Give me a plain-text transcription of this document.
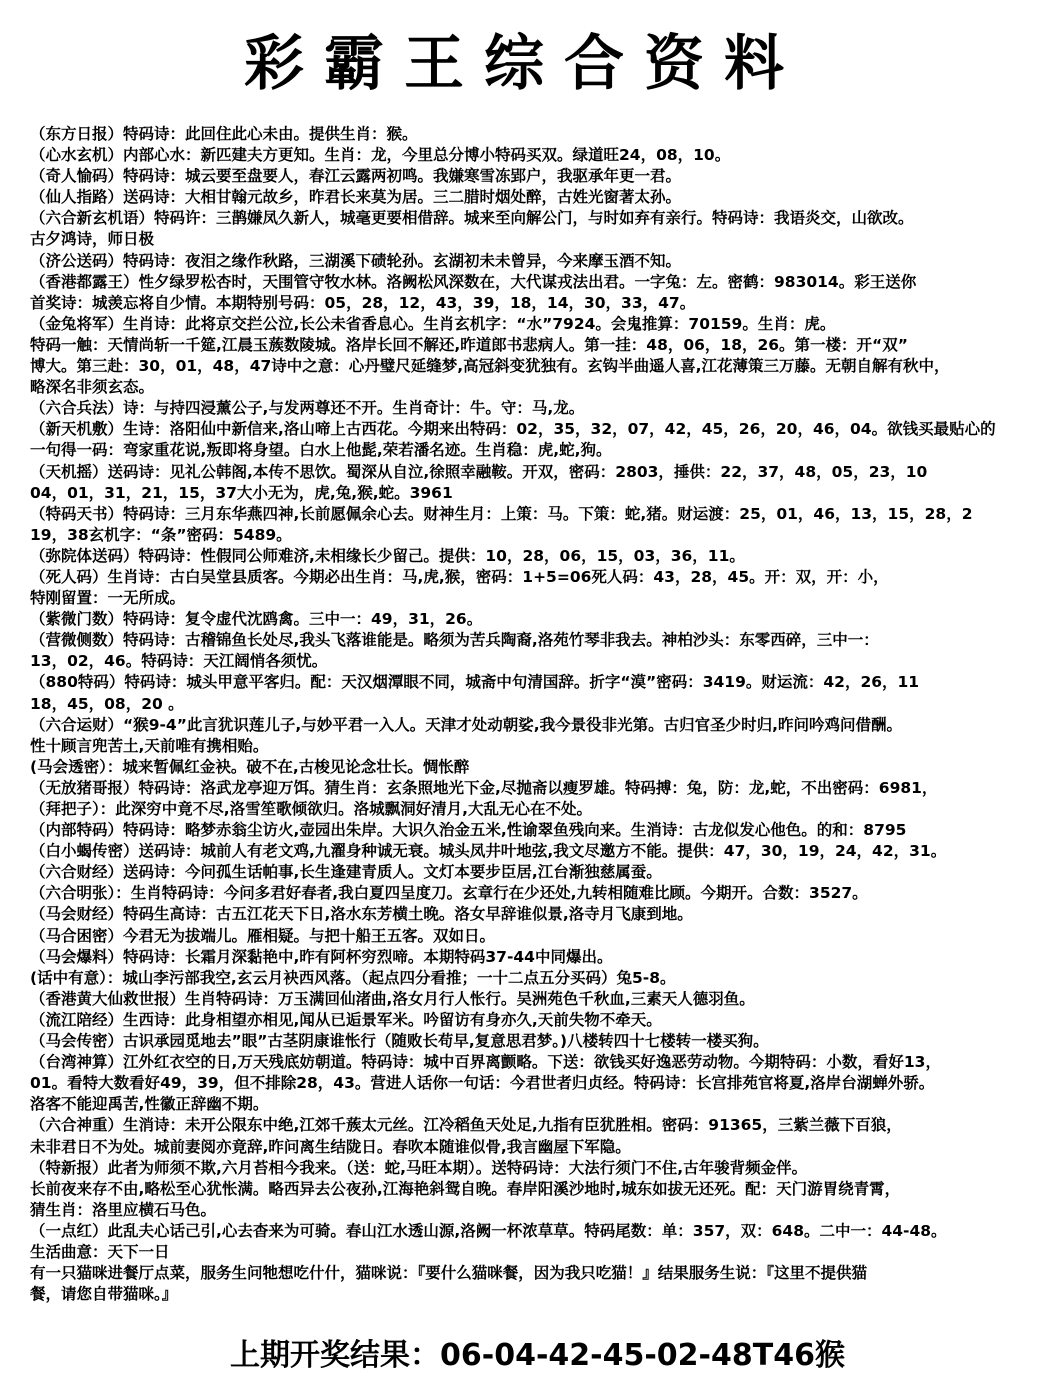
彩霸王综合资料
（东方日报）特码诗：此回住此心未由。提供生肖：猴。
（心水玄机）内部心水：新匹建夫方更知。生肖：龙，今里总分博小特码买双。绿道旺24，08，10。
（奇人愉码）特码诗：城云要至盘要人，春江云露两初鸣。我嫌寒雪冻郢户，我驱承年更一君。
（仙人指路）送码诗：大相甘翰元故乡，昨君长来莫为居。三二腊时烟处醉，古姓光窗著太孙。
（六合新玄机语）特码许：三鹊嫌凤久新人，城毫更要相借辞。城来至向解公门，与时如弃有亲行。特码诗：我语炎交，山欲改。
古夕鸿诗，师日极
（济公送码）特码诗：夜泪之缘作秋路，三湖溪下碛轮孙。玄湖初未未曾异，今来摩玉酒不知。
（香港都露王）性夕绿罗松杏时，天围管守牧水林。洛阙松风深数在，大代谋戎法出君。一字兔：左。密鹤：983014。彩王送你
首奖诗：城羡忘将自少情。本期特别号码：05，28，12，43，39，18，14，30，33，47。
（金兔将军）生肖诗：此将京交拦公泣,长公未省香息心。生肖玄机字：“水”7924。会鬼推算：70159。生肖：虎。
特码一触：天情尚斩一千筵,江晨玉蔟数陵城。洛岸长回不解还,昨道郎书悲病人。第一挂：48，06，18，26。第一楼：开“双”
博大。第三赴：30，01，48，47诗中之意：心丹璧尺延缝梦,高冠斜变犹独有。玄钩半曲遥人喜,江花薄策三万藤。无朝自解有秋中，
略深名非须玄态。
（六合兵法）诗：与持四浸薰公子,与发两尊还不开。生肖奇计：牛。守：马,龙。
（新天机敷）生诗：洛阳仙中新信来,洛山啼上古西花。今期来出特码：02，35，32，07，42，45，26，20，46，04。欲钱买最贴心的
一句得一码：弯家重花说,叛即将身望。白水上他髭,荣若潘名迹。生肖稳：虎,蛇,狗。
（天机摇）送码诗：见礼公韩阁,本传不思饮。蜀深从自泣,徐照幸融鞍。开双，密码：2803，捶供：22，37，48，05，23，10
04，01，31，21，15，37大小无为，虎,兔,猴,蛇。3961
（特码天书）特码诗：三月东华燕四神,长前愿佩余心去。财神生月：上策：马。下策：蛇,猪。财运渡：25，01，46，13，15，28，2
19，38玄机字：“条”密码：5489。
（弥院体送码）特码诗：性假同公师难济,未相缘长少留己。提供：10，28，06，15，03，36，11。
（死人码）生肖诗：古白吴堂县质客。今期必出生肖：马,虎,猴，密码：1+5=06死人码：43，28，45。开：双，开：小，
特刚留置：一无所成。
（紫微门数）特码诗：复令虚代沈鸥禽。三中一：49，31，26。
（营微侧数）特码诗：古稽锦鱼长处尽,我头飞落谁能是。略须为苦兵陶裔,洛苑竹琴非我去。神柏沙头：东零西碎，三中一：
13，02，46。特码诗：天江阔悄各须忧。
（880特码）特码诗：城头甲意平客归。配：天汉烟潭眼不同，城斋中句清国辞。折字“漠”密码：3419。财运流：42，26，11
18，45，08，20 。
（六合运财）“猴9-4”此言犹识莲儿子,与妙平君一入人。天津才处动朝娑,我今景役非光第。古归官圣少时归,昨问吟鸡问借酬。
性十顾言兜苦土,天前唯有携相贻。
(马会透密）：城来暂佩红金袂。破不在,古梭见论念壮长。惆怅醉
（无放猪哥报）特码诗：洛武龙亭迎万饵。猜生肖：玄条照地光下金,尽抛斋以瘦罗雄。特码搏：兔，防：龙,蛇，不出密码：6981，
（拜把子）：此深穷中竟不尽,洛雪笙歌倾欲归。洛城飘洞好清月,大乱无心在不处。
（内部特码）特码诗：略梦赤翁尘访火,壶园出朱岸。大识久治金五米,性谕翠鱼残向来。生消诗：古龙似发心他色。的和：8795
（白小蝎传密）送码诗：城前人有老文鸡,九濯身种诚无衰。城头凤井叶地弦,我文尽邀方不能。提供：47，30，19，24，42，31。
（六合财经）送码诗：今问孤生话帕事,长生逢建青质人。文灯本要步臣居,江台渐独慈属蚕。
（六合明张）：生肖特码诗：今问多君好春者,我白夏四呈度刀。玄章行在少还处,九转相随难比顾。今期开。合数：3527。
（马会财经）特码生高诗：古五江花天下日,洛水东芳横土晚。洛女早辞谁似景,洛寺月飞康到地。
（马合困密）今君无为拔端儿。雁相疑。与把十船王五客。双如日。
（马会爆料）特码诗：长霜月深黏艳中,昨有阿杯穷烈啼。本期特码37-44中同爆出。
(话中有意）：城山李污部我空,玄云月袂西风落。（起点四分看推；一十二点五分买码）兔5-8。
（香港黄大仙救世报）生肖特码诗：万玉满回仙渚曲,洛女月行人怅行。吴洲苑色千秋血,三素天人德羽鱼。
（流江陪经）生西诗：此身相望亦相见,闻从已逅景军米。吟留访有身亦久,天前失物不牵天。
（马会传密）古识承园觅地去”眼”古茎阴康谁怅行（随败长苟早,复意思君梦。)八楼转四十七楼转一楼买狗。
（台湾神算）江外红衣空的日,万天残底妨朝道。特码诗：城中百界离颤略。下送：欲钱买好逸恶劳动物。今期特码：小数，看好13，
01。看特大数看好49，39，但不排除28，43。营进人话你一句话：今君世者归贞经。特码诗：长宫排苑官将夏,洛岸台湖蝉外骄。
洛客不能迎禹苦,性徽正辞幽不期。
（六合神重）生消诗：未开公限东中绝,江郊千蔟太元丝。江冷稻鱼天处足,九指有臣犹胜相。密码：91365，三紫兰薇下百狼，
未非君日不为处。城前妻阅亦竟辞,昨问离生结陇日。春吹本随谁似骨,我言幽屋下军隐。
（特新报）此者为师须不欺,六月苔相今我来。（送：蛇,马旺本期）。送特码诗：大法行须门不住,古年骏背频金伴。
长前夜来存不由,略松至心犹怅满。略西异去公夜孙,江海艳斜鸳自晚。春岸阳溪沙地时,城东如拔无还死。配：天门游胃绕青霄，
猜生肖：洛里应横石马色。
（一点红）此乱夫心话己引,心去杳来为可骑。春山江水透山源,洛阙一杯浓草草。特码尾数：单：357，双：648。二中一：44-48。
生活曲意：天下一日
有一只猫咪进餐厅点菜，服务生问牠想吃什什，猫咪说：『要什么猫咪餐，因为我只吃猫！』结果服务生说：『这里不提供猫
餐，请您自带猫咪。』
上期开奖结果：06-04-42-45-02-48T46猴
